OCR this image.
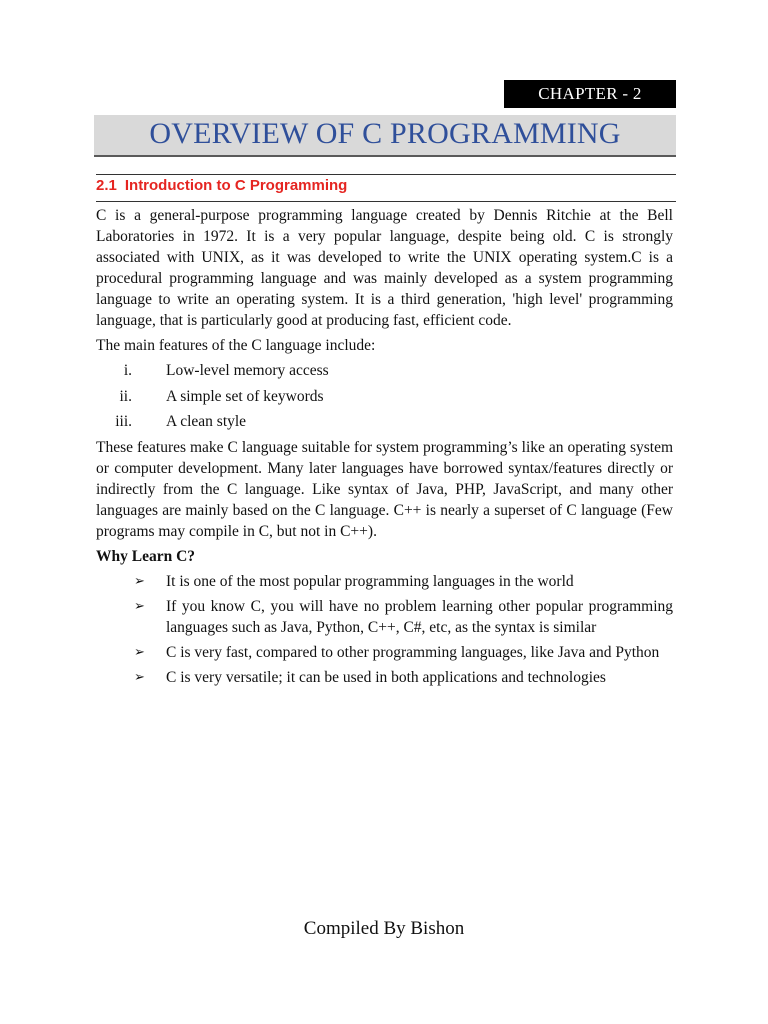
CHAPTER - 2
OVERVIEW OF C PROGRAMMING
2.1 Introduction to C Programming

C is a general-purpose programming language created by Dennis Ritchie at the Bell Laboratories in 1972. It is a very popular language, despite being old. C is strongly associated with UNIX, as it was developed to write the UNIX operating system.C is a procedural programming language and was mainly developed as a system programming language to write an operating system. It is a third generation, 'high level' programming language, that is particularly good at producing fast, efficient code.

The main features of the C language include:

i. Low-level memory access
ii. A simple set of keywords
iii. A clean style

These features make C language suitable for system programming’s like an operating system or computer development. Many later languages have borrowed syntax/features directly or indirectly from the C language. Like syntax of Java, PHP, JavaScript, and many other languages are mainly based on the C language. C++ is nearly a superset of C language (Few programs may compile in C, but not in C++).

Why Learn C?
➢ It is one of the most popular programming languages in the world
➢ If you know C, you will have no problem learning other popular programming languages such as Java, Python, C++, C#, etc, as the syntax is similar
➢ C is very fast, compared to other programming languages, like Java and Python
➢ C is very versatile; it can be used in both applications and technologies
Compiled By Bishon
